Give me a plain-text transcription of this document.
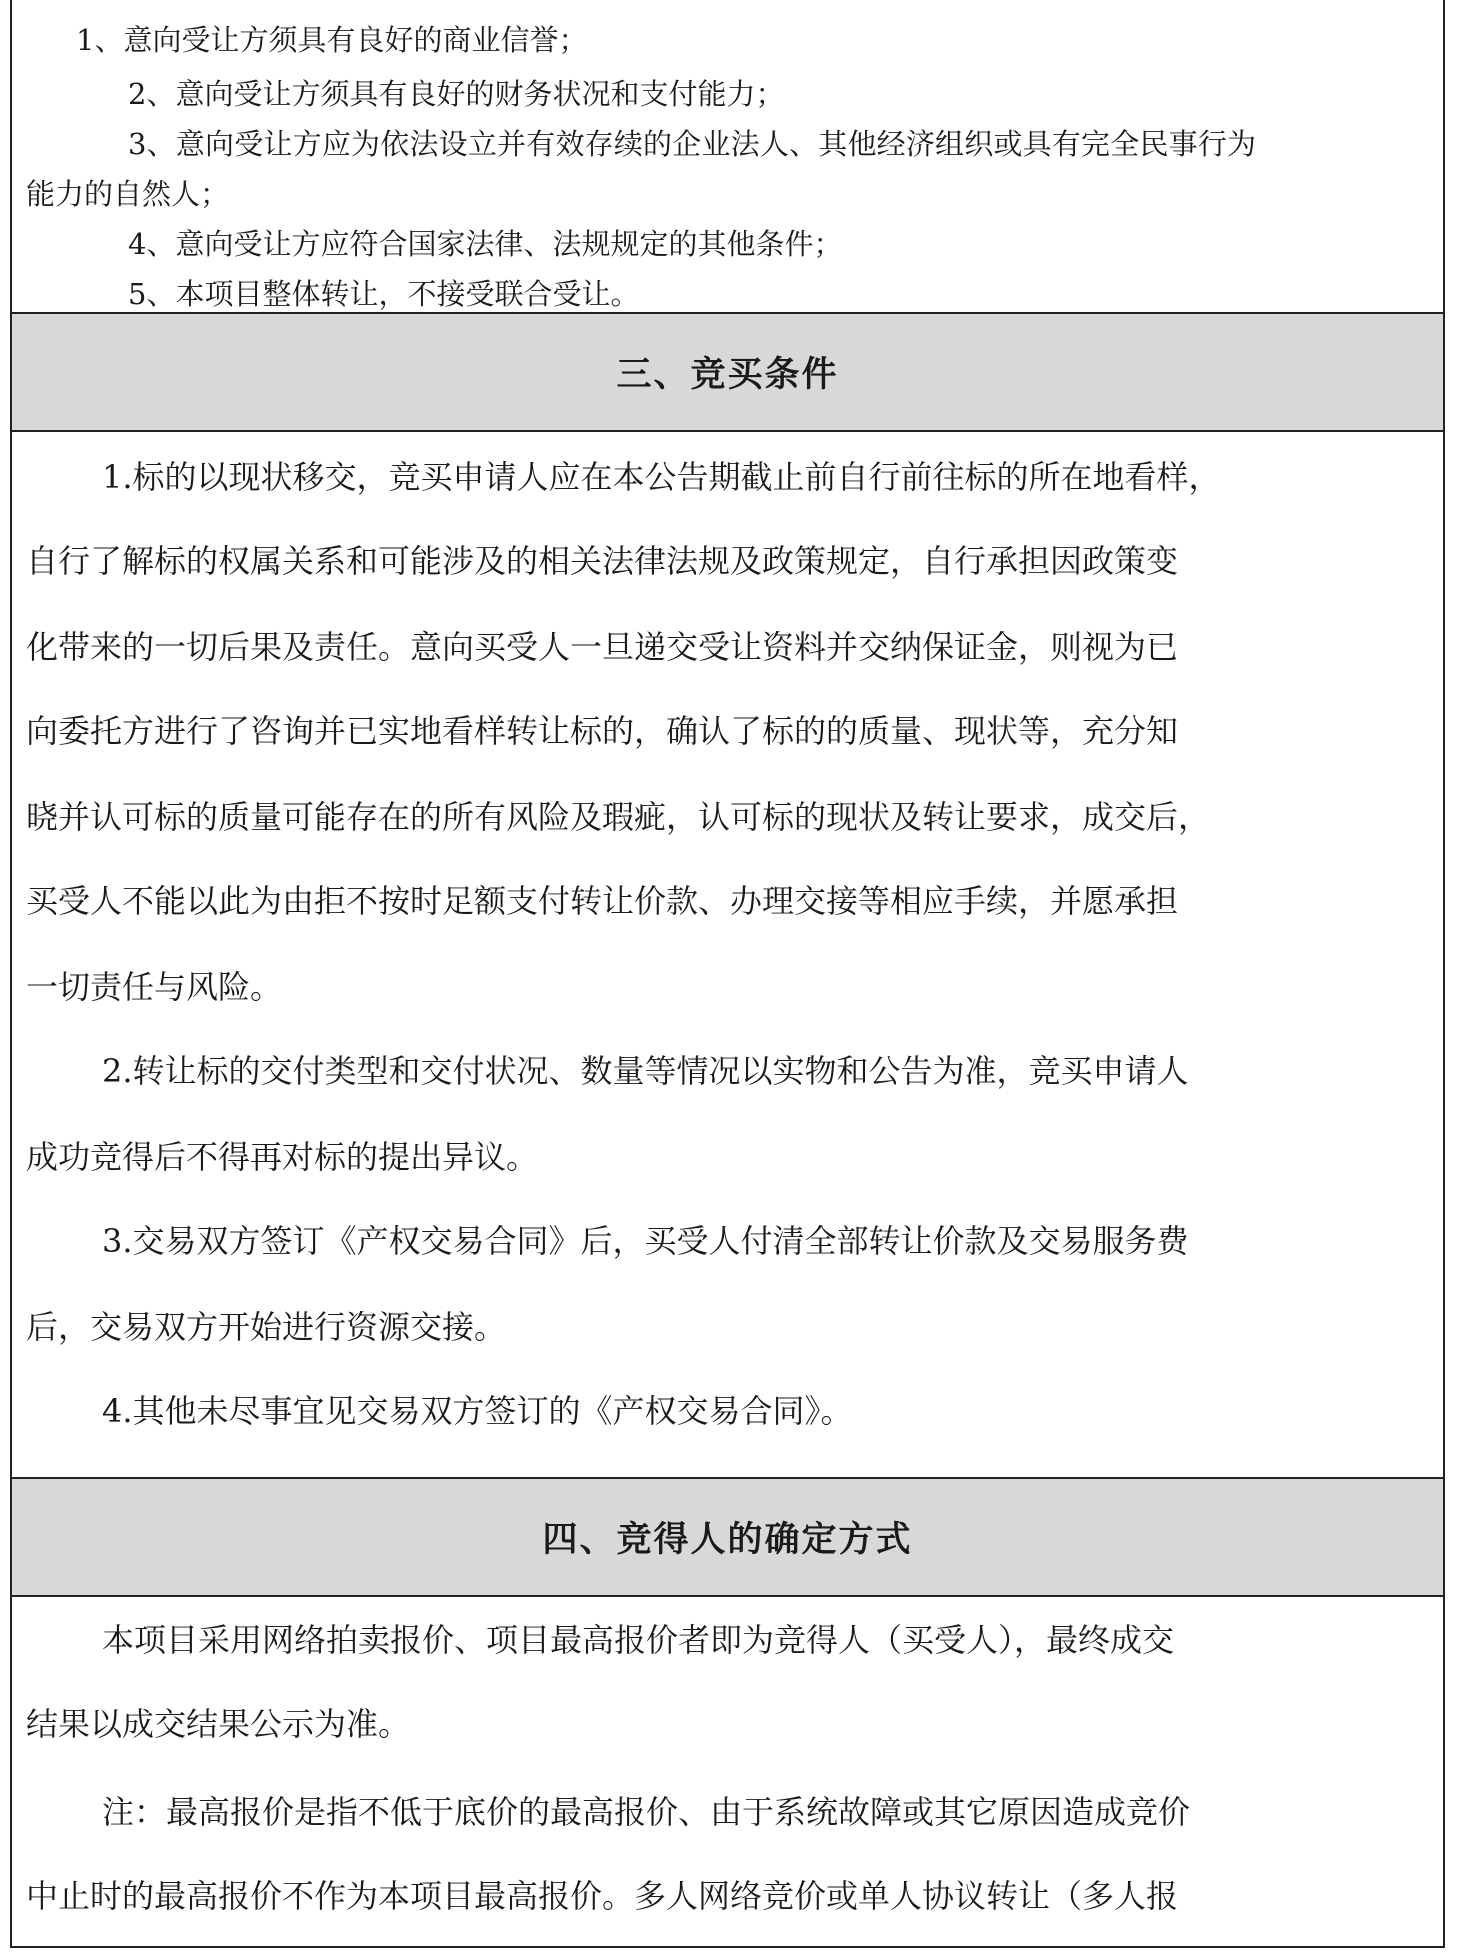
1、意向受让方须具有良好的商业信誉；
2、意向受让方须具有良好的财务状况和支付能力；
3、意向受让方应为依法设立并有效存续的企业法人、其他经济组织或具有完全民事行为
能力的自然人；
4、意向受让方应符合国家法律、法规规定的其他条件；
5、本项目整体转让，不接受联合受让。
三、竞买条件
1.标的以现状移交，竞买申请人应在本公告期截止前自行前往标的所在地看样，
自行了解标的权属关系和可能涉及的相关法律法规及政策规定，自行承担因政策变
化带来的一切后果及责任。意向买受人一旦递交受让资料并交纳保证金，则视为已
向委托方进行了咨询并已实地看样转让标的，确认了标的的质量、现状等，充分知
晓并认可标的质量可能存在的所有风险及瑕疵，认可标的现状及转让要求，成交后，
买受人不能以此为由拒不按时足额支付转让价款、办理交接等相应手续，并愿承担
一切责任与风险。
2.转让标的交付类型和交付状况、数量等情况以实物和公告为准，竞买申请人
成功竞得后不得再对标的提出异议。
3.交易双方签订《产权交易合同》后，买受人付清全部转让价款及交易服务费
后，交易双方开始进行资源交接。
4.其他未尽事宜见交易双方签订的《产权交易合同》。
四、竞得人的确定方式
本项目采用网络拍卖报价、项目最高报价者即为竞得人（买受人），最终成交
结果以成交结果公示为准。
注：最高报价是指不低于底价的最高报价、由于系统故障或其它原因造成竞价
中止时的最高报价不作为本项目最高报价。多人网络竞价或单人协议转让（多人报
